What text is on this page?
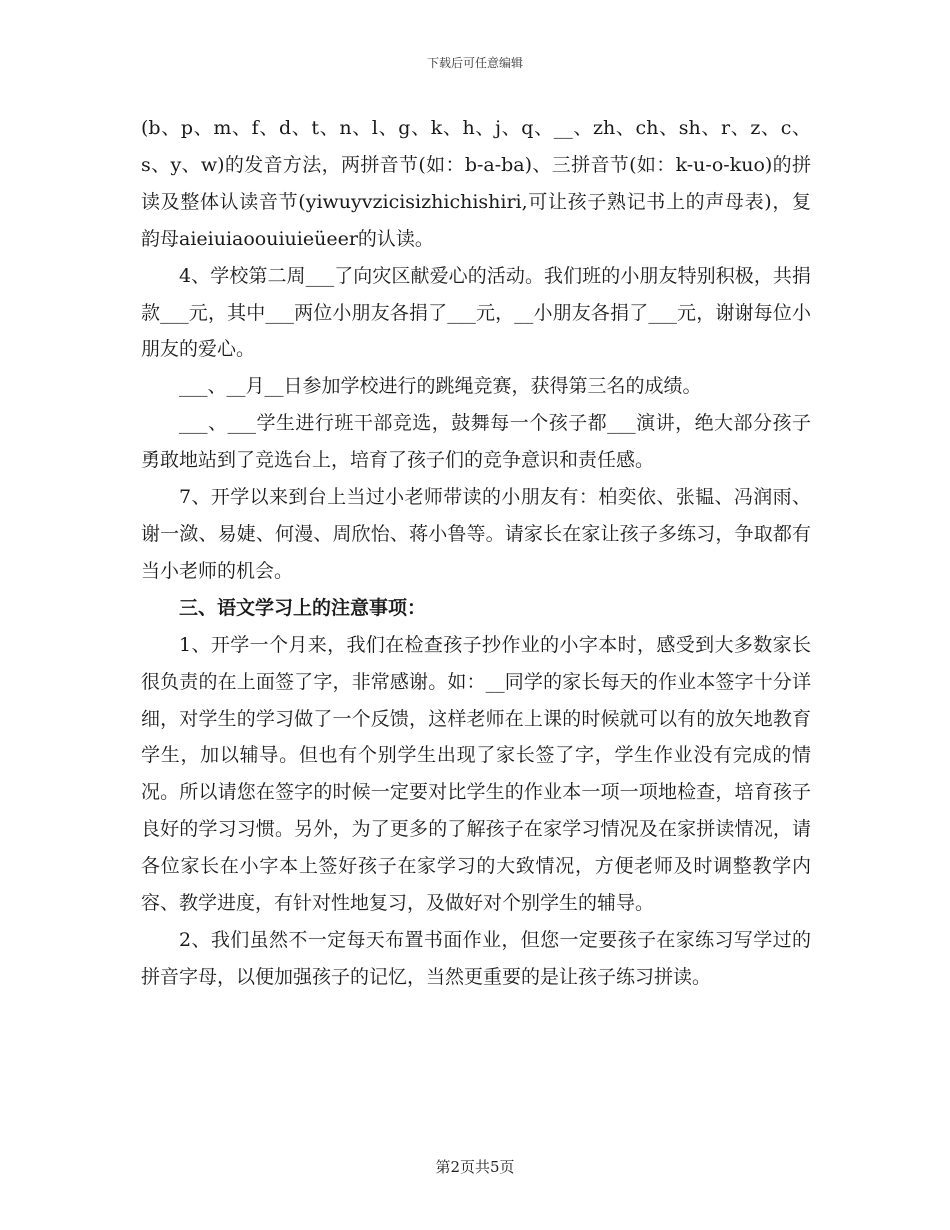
下载后可任意编辑

(b、p、m、f、d、t、n、l、g、k、h、j、q、__、zh、ch、sh、r、z、c、s、y、w)的发音方法，两拼音节(如：b-a-ba)、三拼音节(如：k-u-o-kuo)的拼读及整体认读音节(yiwuyvzicisizhichishiri,可让孩子熟记书上的声母表)，复韵母aieiuiaoouiuieüeer的认读。

4、学校第二周___了向灾区献爱心的活动。我们班的小朋友特别积极，共捐款___元，其中___两位小朋友各捐了___元，__小朋友各捐了___元，谢谢每位小朋友的爱心。

___、__月__日参加学校进行的跳绳竞赛，获得第三名的成绩。

___、___学生进行班干部竞选，鼓舞每一个孩子都___演讲，绝大部分孩子勇敢地站到了竞选台上，培育了孩子们的竞争意识和责任感。

7、开学以来到台上当过小老师带读的小朋友有：柏奕依、张韫、冯润雨、谢一潋、易婕、何漫、周欣怡、蒋小鲁等。请家长在家让孩子多练习，争取都有当小老师的机会。

三、语文学习上的注意事项：

1、开学一个月来，我们在检查孩子抄作业的小字本时，感受到大多数家长很负责的在上面签了字，非常感谢。如：__同学的家长每天的作业本签字十分详细，对学生的学习做了一个反馈，这样老师在上课的时候就可以有的放矢地教育学生，加以辅导。但也有个别学生出现了家长签了字，学生作业没有完成的情况。所以请您在签字的时候一定要对比学生的作业本一项一项地检查，培育孩子良好的学习习惯。另外，为了更多的了解孩子在家学习情况及在家拼读情况，请各位家长在小字本上签好孩子在家学习的大致情况，方便老师及时调整教学内容、教学进度，有针对性地复习，及做好对个别学生的辅导。

2、我们虽然不一定每天布置书面作业，但您一定要孩子在家练习写学过的拼音字母，以便加强孩子的记忆，当然更重要的是让孩子练习拼读。

第2页共5页
